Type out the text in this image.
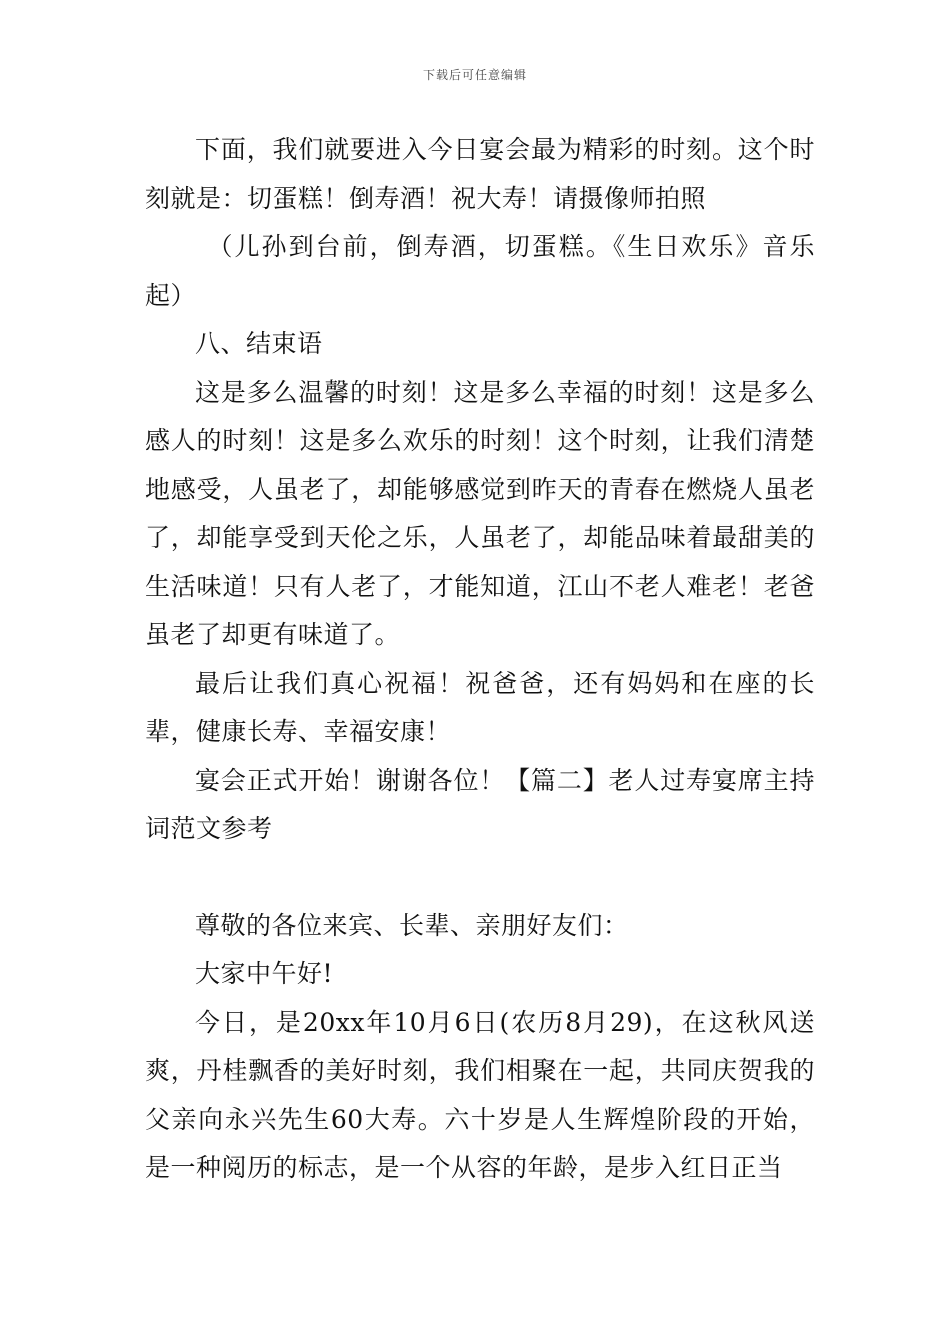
下载后可任意编辑

下面，我们就要进入今日宴会最为精彩的时刻。这个时刻就是：切蛋糕！倒寿酒！祝大寿！请摄像师拍照

（儿孙到台前，倒寿酒，切蛋糕。《生日欢乐》音乐起）

八、结束语

这是多么温馨的时刻！这是多么幸福的时刻！这是多么感人的时刻！这是多么欢乐的时刻！这个时刻，让我们清楚地感受，人虽老了，却能够感觉到昨天的青春在燃烧人虽老了，却能享受到天伦之乐，人虽老了，却能品味着最甜美的生活味道！只有人老了，才能知道，江山不老人难老！老爸虽老了却更有味道了。

最后让我们真心祝福！祝爸爸，还有妈妈和在座的长辈，健康长寿、幸福安康！

宴会正式开始！谢谢各位！【篇二】老人过寿宴席主持词范文参考

尊敬的各位来宾、长辈、亲朋好友们：

大家中午好!

今日，是20xx年10月6日(农历8月29)，在这秋风送爽，丹桂飘香的美好时刻，我们相聚在一起，共同庆贺我的父亲向永兴先生60大寿。六十岁是人生辉煌阶段的开始，是一种阅历的标志，是一个从容的年龄，是步入红日正当
